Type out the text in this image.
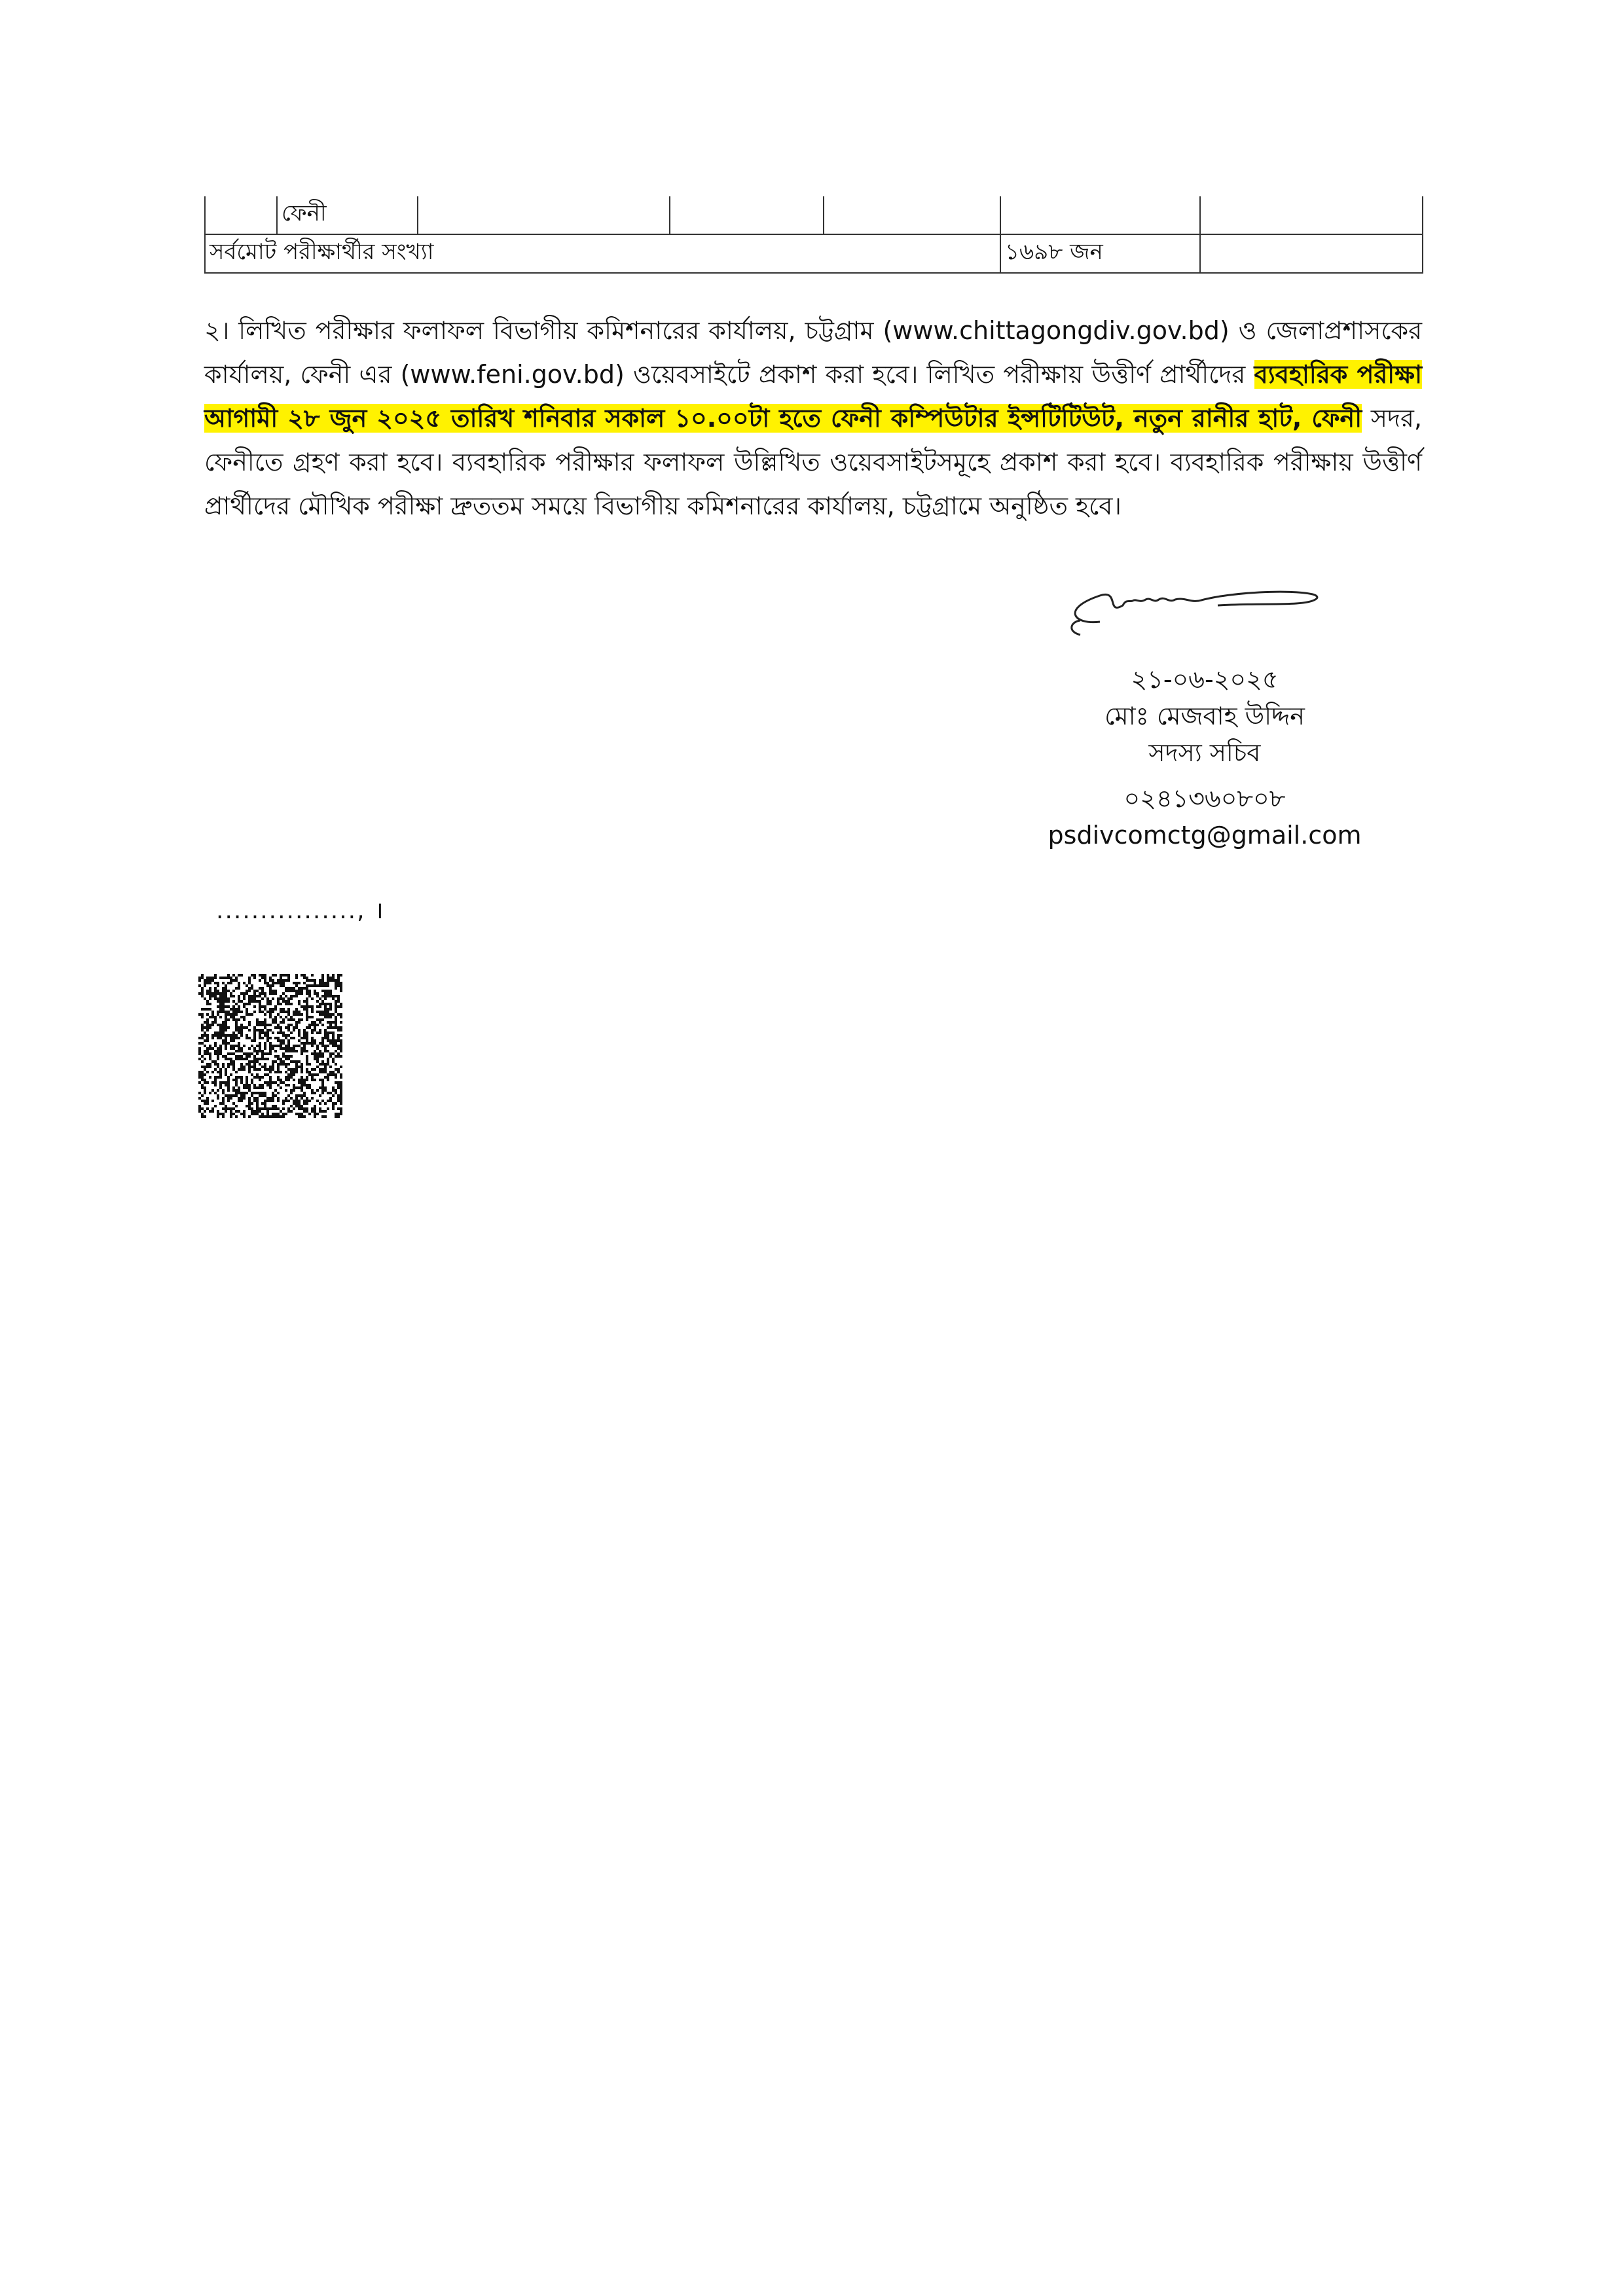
	ফেনী					
সর্বমোট পরীক্ষার্থীর সংখ্যা					১৬৯৮ জন	
২। লিখিত পরীক্ষার ফলাফল বিভাগীয় কমিশনারের কার্যালয়, চট্টগ্রাম (www.chittagongdiv.gov.bd) ও জেলাপ্রশাসকের কার্যালয়, ফেনী এর (www.feni.gov.bd) ওয়েবসাইটে প্রকাশ করা হবে। লিখিত পরীক্ষায় উত্তীর্ণ প্রার্থীদের ব্যবহারিক পরীক্ষা আগামী ২৮ জুন ২০২৫ তারিখ শনিবার সকাল ১০.০০টা হতে ফেনী কম্পিউটার ইন্সটিটিউট, নতুন রানীর হাট, ফেনী সদর, ফেনীতে গ্রহণ করা হবে। ব্যবহারিক পরীক্ষার ফলাফল উল্লিখিত ওয়েবসাইটসমূহে প্রকাশ করা হবে। ব্যবহারিক পরীক্ষায় উত্তীর্ণ প্রার্থীদের মৌখিক পরীক্ষা দ্রুততম সময়ে বিভাগীয় কমিশনারের কার্যালয়, চট্টগ্রামে অনুষ্ঠিত হবে।
২১-০৬-২০২৫
মোঃ মেজবাহ উদ্দিন
সদস্য সচিব
০২৪১৩৬০৮০৮
psdivcomctg@gmail.com
................, ।
